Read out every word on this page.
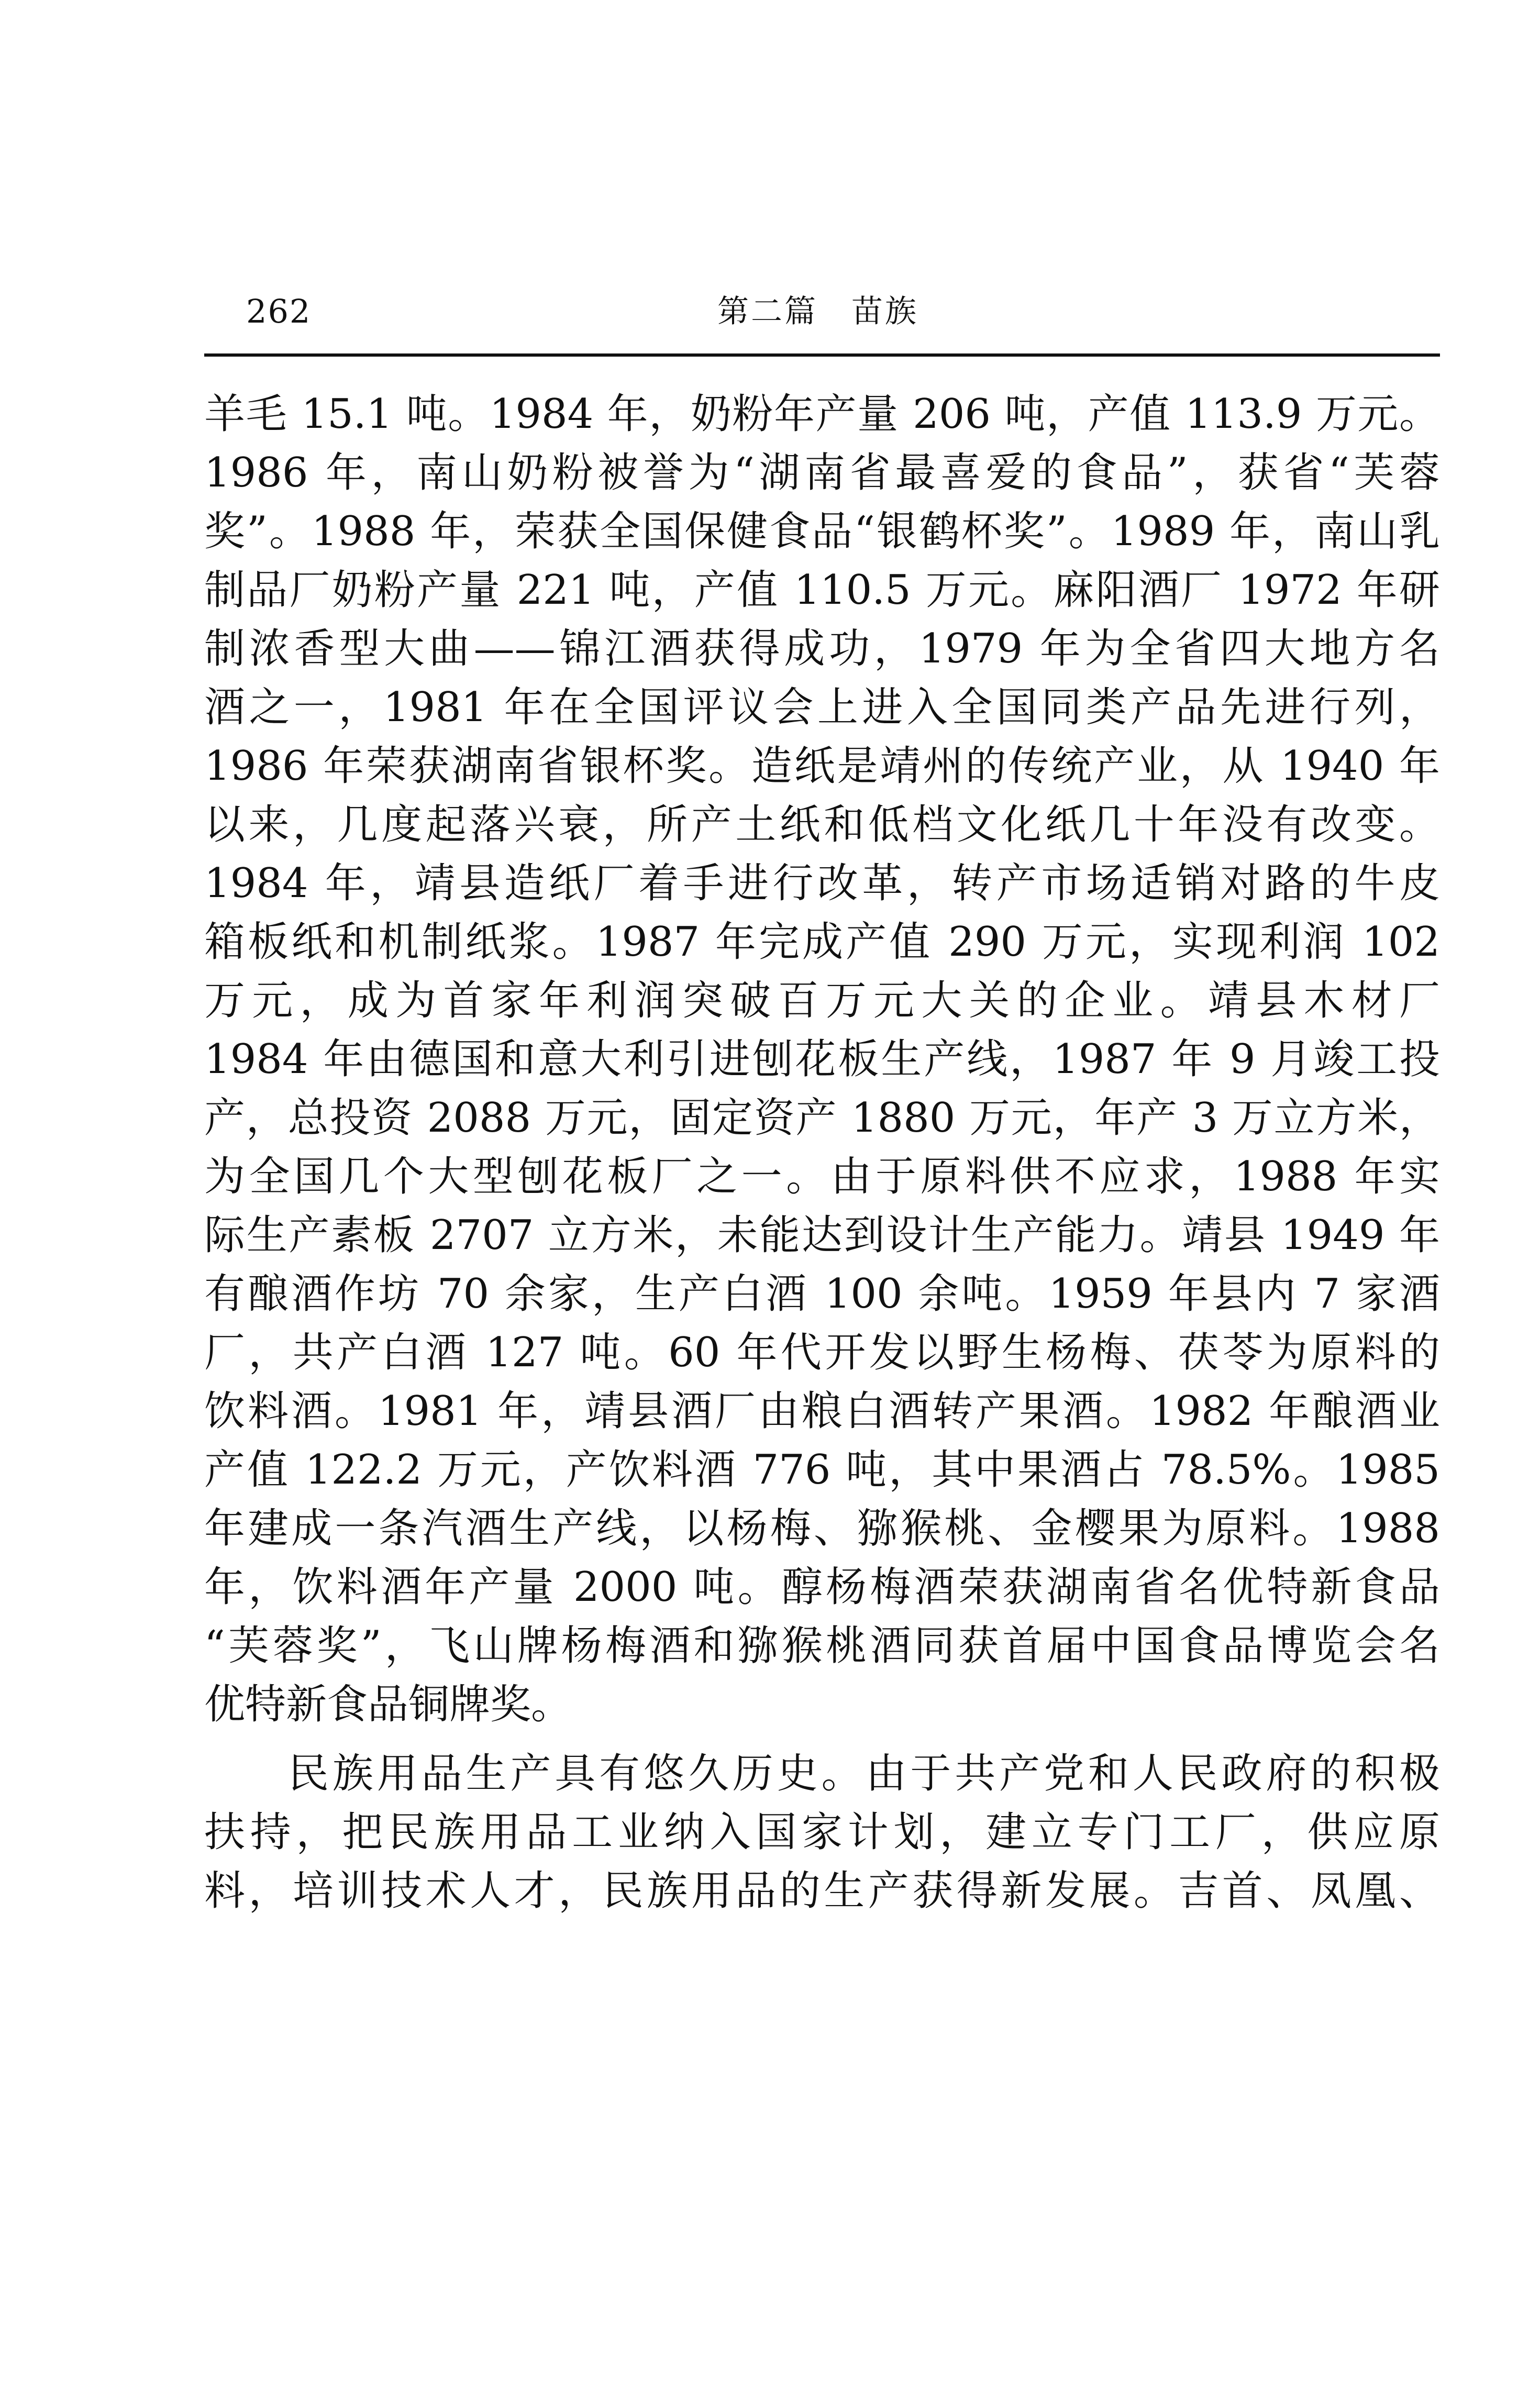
262	第二篇　苗族
羊毛 15.1 吨。1984 年，奶粉年产量 206 吨，产值 113.9 万元。
1986 年，南山奶粉被誉为“湖南省最喜爱的食品”，获省“芙蓉
奖”。1988 年，荣获全国保健食品“银鹤杯奖”。1989 年，南山乳
制品厂奶粉产量 221 吨，产值 110.5 万元。麻阳酒厂 1972 年研
制浓香型大曲——锦江酒获得成功，1979 年为全省四大地方名
酒之一，1981 年在全国评议会上进入全国同类产品先进行列，
1986 年荣获湖南省银杯奖。造纸是靖州的传统产业，从 1940 年
以来，几度起落兴衰，所产土纸和低档文化纸几十年没有改变。
1984 年，靖县造纸厂着手进行改革，转产市场适销对路的牛皮
箱板纸和机制纸浆。1987 年完成产值 290 万元，实现利润 102
万元，成为首家年利润突破百万元大关的企业。靖县木材厂
1984 年由德国和意大利引进刨花板生产线，1987 年 9 月竣工投
产，总投资 2088 万元，固定资产 1880 万元，年产 3 万立方米，
为全国几个大型刨花板厂之一。由于原料供不应求，1988 年实
际生产素板 2707 立方米，未能达到设计生产能力。靖县 1949 年
有酿酒作坊 70 余家，生产白酒 100 余吨。1959 年县内 7 家酒
厂，共产白酒 127 吨。60 年代开发以野生杨梅、茯苓为原料的
饮料酒。1981 年，靖县酒厂由粮白酒转产果酒。1982 年酿酒业
产值 122.2 万元，产饮料酒 776 吨，其中果酒占 78.5%。1985
年建成一条汽酒生产线，以杨梅、猕猴桃、金樱果为原料。1988
年，饮料酒年产量 2000 吨。醇杨梅酒荣获湖南省名优特新食品
“芙蓉奖”，飞山牌杨梅酒和猕猴桃酒同获首届中国食品博览会名
优特新食品铜牌奖。
民族用品生产具有悠久历史。由于共产党和人民政府的积极
扶持，把民族用品工业纳入国家计划，建立专门工厂，供应原
料，培训技术人才，民族用品的生产获得新发展。吉首、凤凰、
